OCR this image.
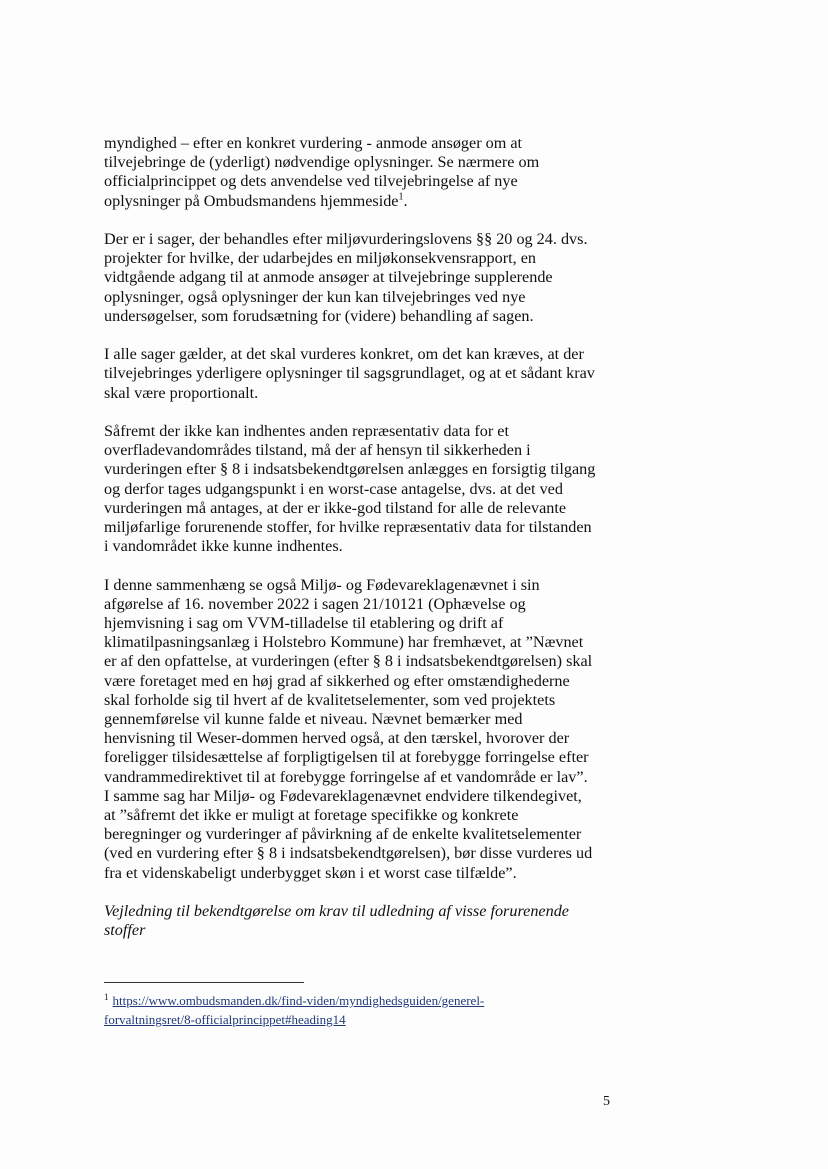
myndighed – efter en konkret vurdering - anmode ansøger om at
tilvejebringe de (yderligt) nødvendige oplysninger. Se nærmere om
officialprincippet og dets anvendelse ved tilvejebringelse af nye
oplysninger på Ombudsmandens hjemmeside$^1$.

Der er i sager, der behandles efter miljøvurderingslovens §§ 20 og 24. dvs.
projekter for hvilke, der udarbejdes en miljøkonsekvensrapport, en
vidtgående adgang til at anmode ansøger at tilvejebringe supplerende
oplysninger, også oplysninger der kun kan tilvejebringes ved nye
undersøgelser, som forudsætning for (videre) behandling af sagen.

I alle sager gælder, at det skal vurderes konkret, om det kan kræves, at der
tilvejebringes yderligere oplysninger til sagsgrundlaget, og at et sådant krav
skal være proportionalt.

Såfremt der ikke kan indhentes anden repræsentativ data for et
overfladevandområdes tilstand, må der af hensyn til sikkerheden i
vurderingen efter § 8 i indsatsbekendtgørelsen anlægges en forsigtig tilgang
og derfor tages udgangspunkt i en worst-case antagelse, dvs. at det ved
vurderingen må antages, at der er ikke-god tilstand for alle de relevante
miljøfarlige forurenende stoffer, for hvilke repræsentativ data for tilstanden
i vandområdet ikke kunne indhentes.

I denne sammenhæng se også Miljø- og Fødevareklagenævnet i sin
afgørelse af 16. november 2022 i sagen 21/10121 (Ophævelse og
hjemvisning i sag om VVM-tilladelse til etablering og drift af
klimatilpasningsanlæg i Holstebro Kommune) har fremhævet, at ”Nævnet
er af den opfattelse, at vurderingen (efter § 8 i indsatsbekendtgørelsen) skal
være foretaget med en høj grad af sikkerhed og efter omstændighederne
skal forholde sig til hvert af de kvalitetselementer, som ved projektets
gennemførelse vil kunne falde et niveau. Nævnet bemærker med
henvisning til Weser-dommen herved også, at den tærskel, hvorover der
foreligger tilsidesættelse af forpligtigelsen til at forebygge forringelse efter
vandrammedirektivet til at forebygge forringelse af et vandområde er lav”.
I samme sag har Miljø- og Fødevareklagenævnet endvidere tilkendegivet,
at ”såfremt det ikke er muligt at foretage specifikke og konkrete
beregninger og vurderinger af påvirkning af de enkelte kvalitetselementer
(ved en vurdering efter § 8 i indsatsbekendtgørelsen), bør disse vurderes ud
fra et videnskabeligt underbygget skøn i et worst case tilfælde”.

Vejledning til bekendtgørelse om krav til udledning af visse forurenende
stoffer

$^1$ https://www.ombudsmanden.dk/find-viden/myndighedsguiden/generel-
forvaltningsret/8-officialprincippet#heading14
5
